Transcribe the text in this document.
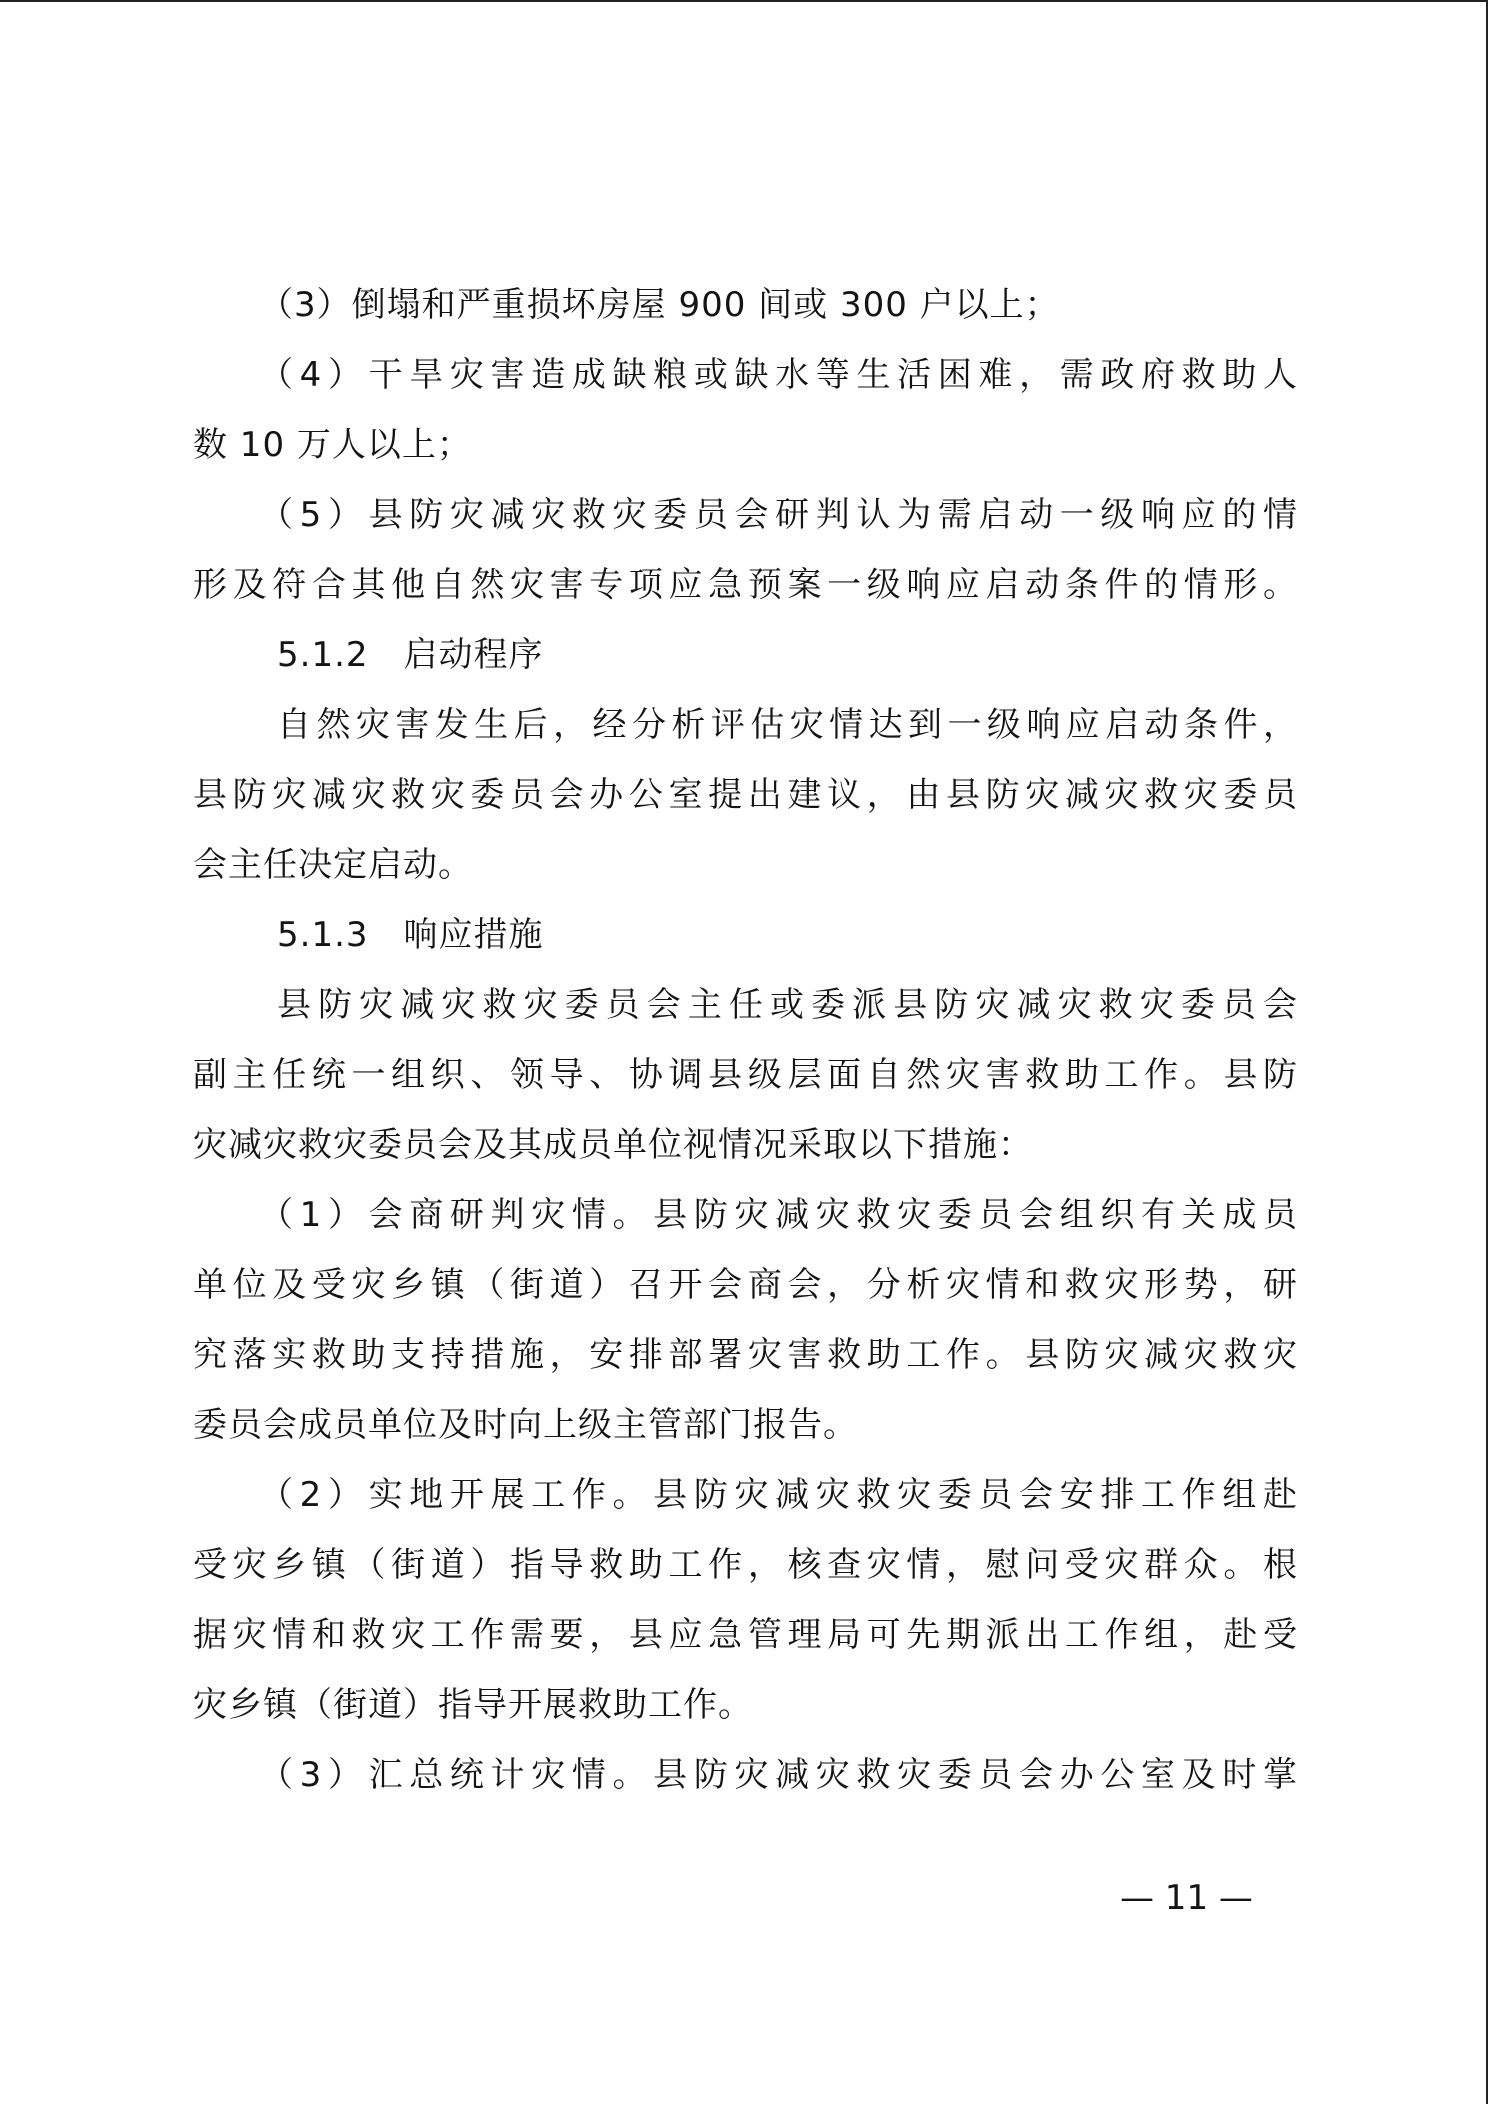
（3）倒塌和严重损坏房屋 900 间或 300 户以上；
（4）干旱灾害造成缺粮或缺水等生活困难，需政府救助人
数 10 万人以上；
（5）县防灾减灾救灾委员会研判认为需启动一级响应的情
形及符合其他自然灾害专项应急预案一级响应启动条件的情形。
5.1.2　启动程序
自然灾害发生后，经分析评估灾情达到一级响应启动条件，
县防灾减灾救灾委员会办公室提出建议，由县防灾减灾救灾委员
会主任决定启动。
5.1.3　响应措施
县防灾减灾救灾委员会主任或委派县防灾减灾救灾委员会
副主任统一组织、领导、协调县级层面自然灾害救助工作。县防
灾减灾救灾委员会及其成员单位视情况采取以下措施：
（1）会商研判灾情。县防灾减灾救灾委员会组织有关成员
单位及受灾乡镇（街道）召开会商会，分析灾情和救灾形势，研
究落实救助支持措施，安排部署灾害救助工作。县防灾减灾救灾
委员会成员单位及时向上级主管部门报告。
（2）实地开展工作。县防灾减灾救灾委员会安排工作组赴
受灾乡镇（街道）指导救助工作，核查灾情，慰问受灾群众。根
据灾情和救灾工作需要，县应急管理局可先期派出工作组，赴受
灾乡镇（街道）指导开展救助工作。
（3）汇总统计灾情。县防灾减灾救灾委员会办公室及时掌
— 11 —
